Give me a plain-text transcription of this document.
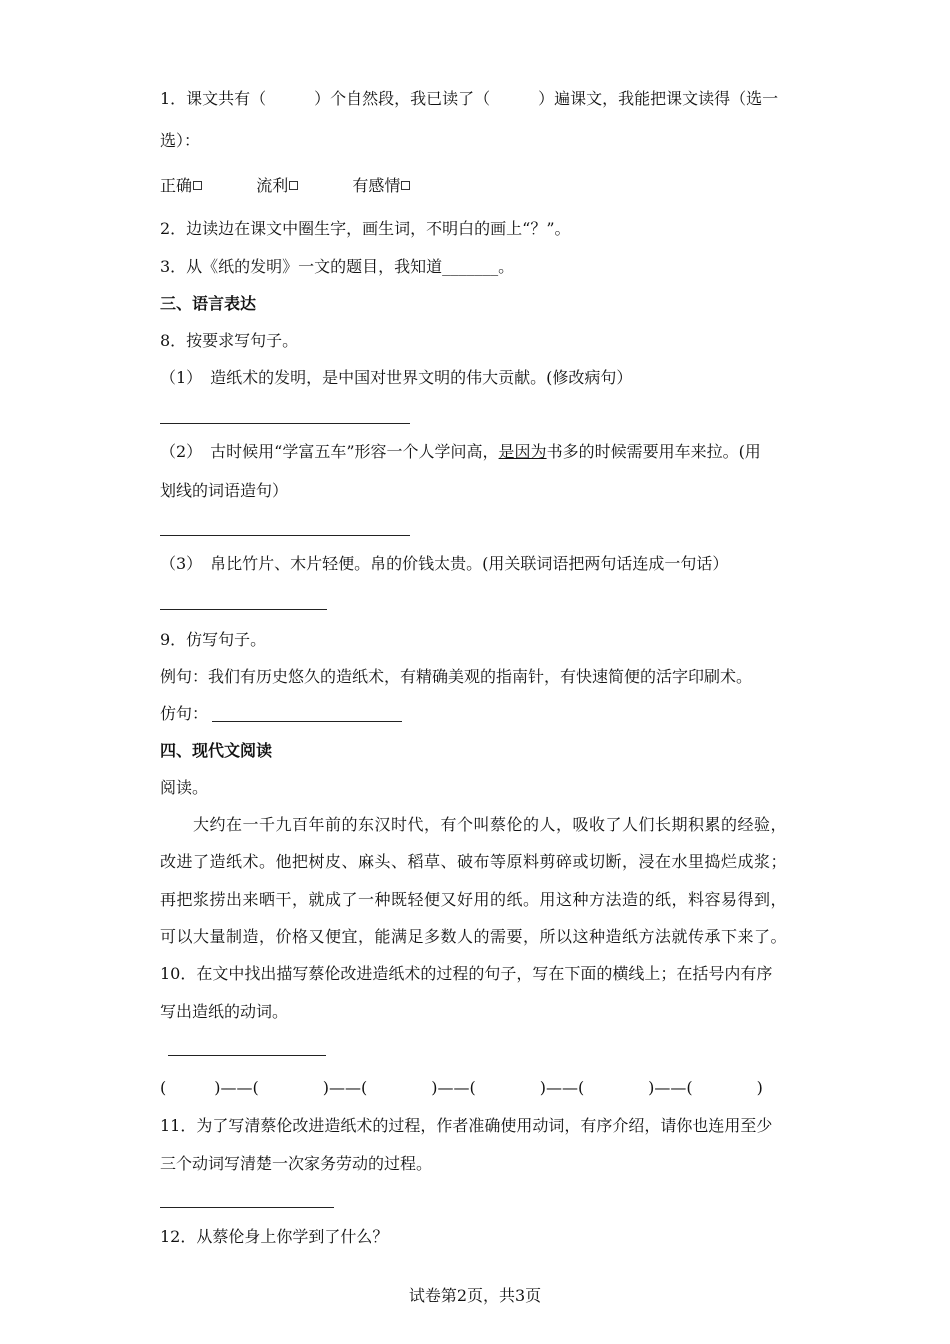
1．课文共有（　　　）个自然段，我已读了（　　　）遍课文，我能把课文读得（选一
选）：
正确	流利	有感情
2．边读边在课文中圈生字，画生词，不明白的画上“？”。
3．从《纸的发明》一文的题目，我知道_______。
三、语言表达
8．按要求写句子。
（1）　造纸术的发明，是中国对世界文明的伟大贡献。(修改病句）
（2）　古时候用“学富五车”形容一个人学问高，是因为书多的时候需要用车来拉。(用
划线的词语造句）
（3）　帛比竹片、木片轻便。帛的价钱太贵。(用关联词语把两句话连成一句话）
9．仿写句子。
例句：我们有历史悠久的造纸术，有精确美观的指南针，有快速简便的活字印刷术。
仿句：
四、现代文阅读
阅读。
　　大约在一千九百年前的东汉时代，有个叫蔡伦的人，吸收了人们长期积累的经验，
改进了造纸术。他把树皮、麻头、稻草、破布等原料剪碎或切断，浸在水里捣烂成浆；
再把浆捞出来晒干，就成了一种既轻便又好用的纸。用这种方法造的纸，料容易得到，
可以大量制造，价格又便宜，能满足多数人的需要，所以这种造纸方法就传承下来了。
10．在文中找出描写蔡伦改进造纸术的过程的句子，写在下面的横线上；在括号内有序
写出造纸的动词。
(　　　)——(　　　　)——(　　　　)——(　　　　)——(　　　　)——(　　　　)
11．为了写清蔡伦改进造纸术的过程，作者准确使用动词，有序介绍，请你也连用至少
三个动词写清楚一次家务劳动的过程。
12．从蔡伦身上你学到了什么？
试卷第2页，共3页
